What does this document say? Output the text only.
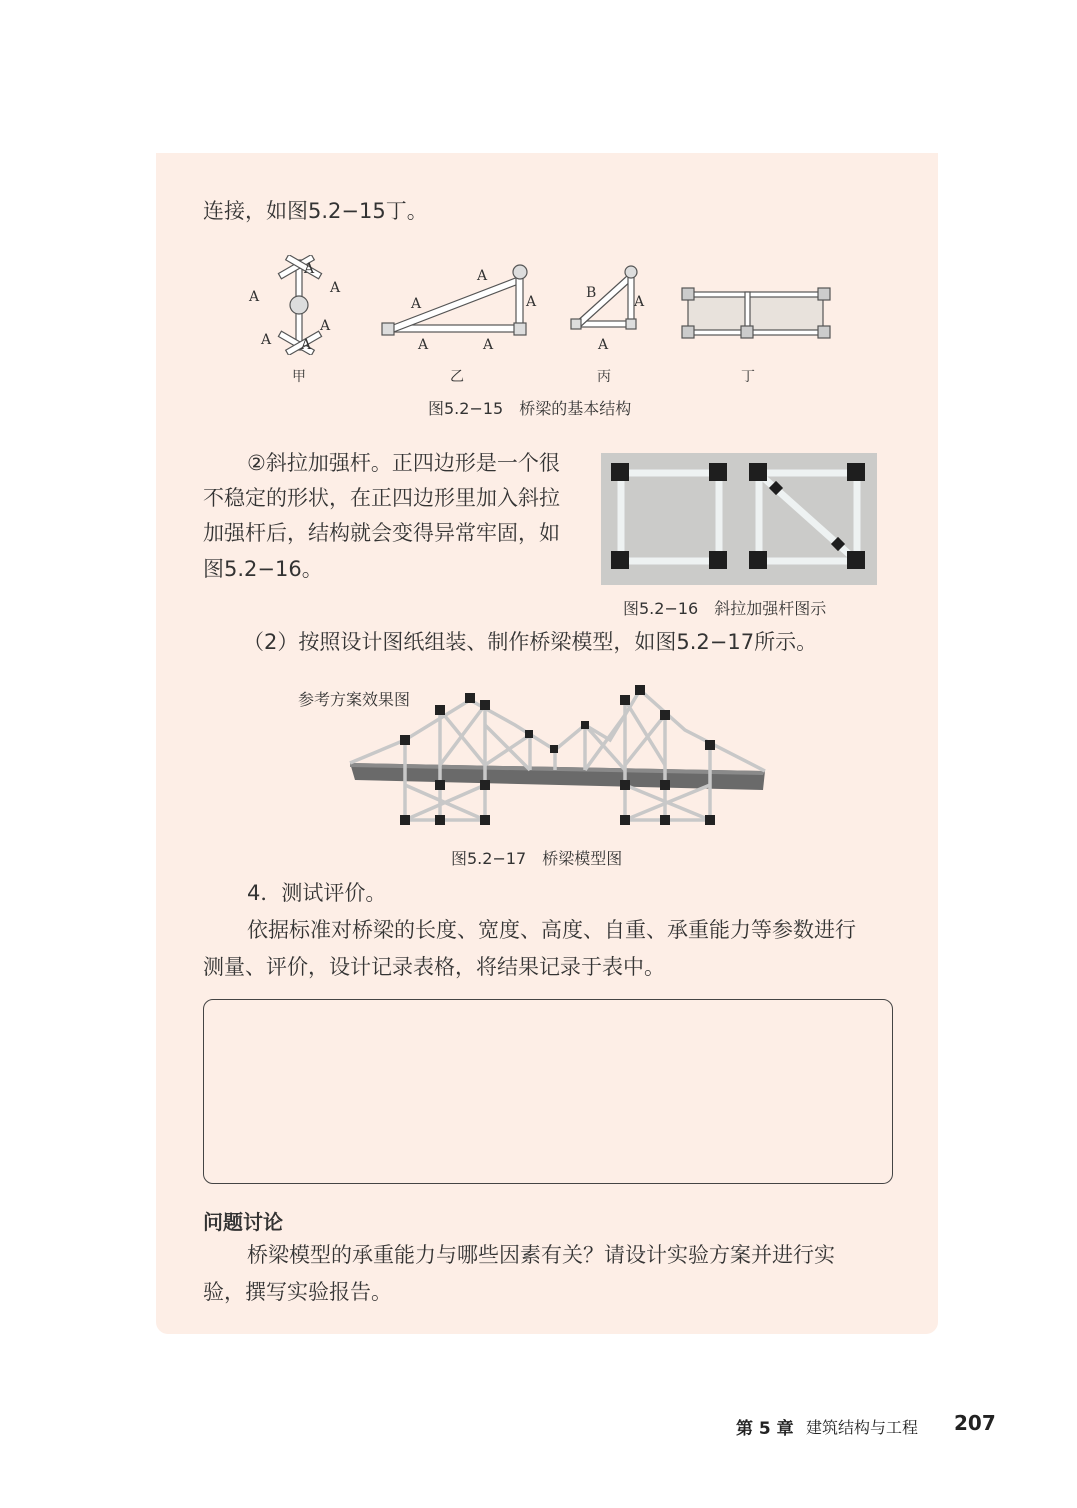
连接，如图5.2−15丁。
A
A
A
A
A A
A
A	A
A	A
B
A
A
甲	乙	丙	丁
图5.2−15　桥梁的基本结构
②斜拉加强杆。正四边形是一个很
不稳定的形状，在正四边形里加入斜拉
加强杆后，结构就会变得异常牢固，如
图5.2−16。
图5.2−16　斜拉加强杆图示
（2）按照设计图纸组装、制作桥梁模型，如图5.2−17所示。
参考方案效果图
图5.2−17　桥梁模型图
4．测试评价。
依据标准对桥梁的长度、宽度、高度、自重、承重能力等参数进行
测量、评价，设计记录表格，将结果记录于表中。
问题讨论
桥梁模型的承重能力与哪些因素有关？请设计实验方案并进行实
验，撰写实验报告。
第 5 章 建筑结构与工程 207
